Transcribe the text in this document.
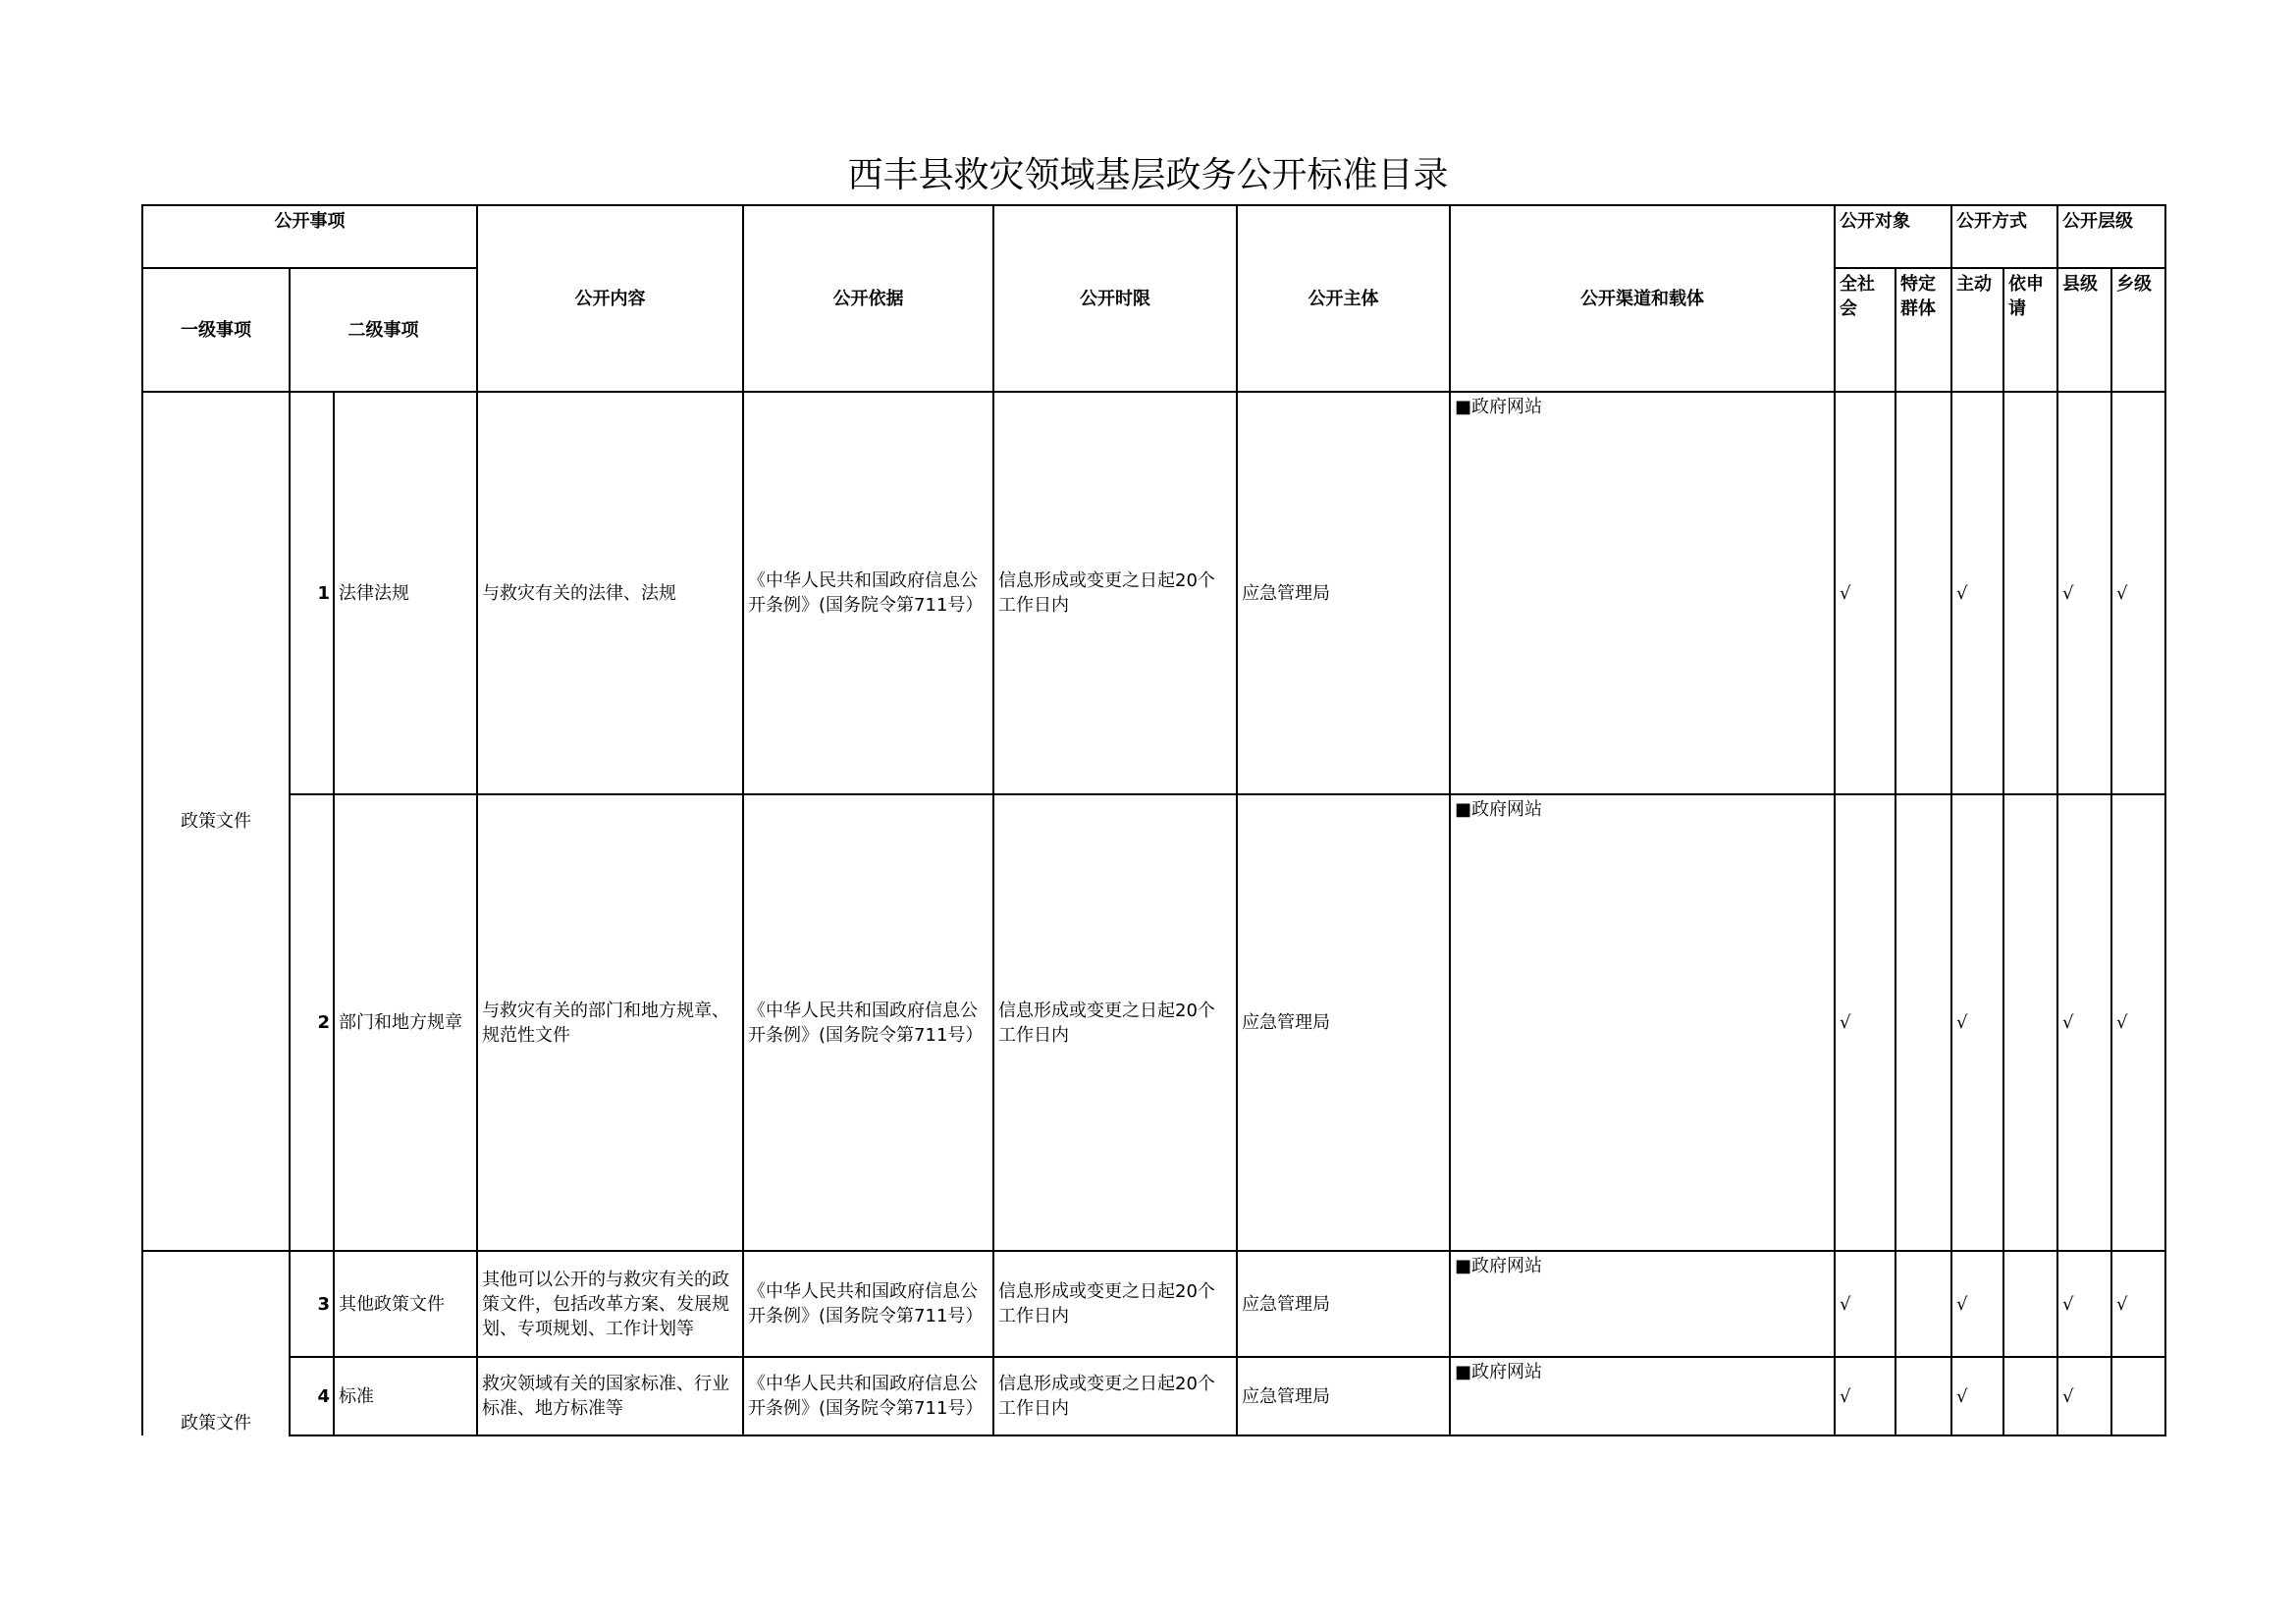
西丰县救灾领域基层政务公开标准目录
公开事项			公开内容	公开依据	公开时限	公开主体	公开渠道和载体	公开对象		公开方式		公开层级	
一级事项	二级事项							全社会	特定群体	主动	依申请	县级	乡级
政策文件	1	法律法规	与救灾有关的法律、法规	《中华人民共和国政府信息公开条例》(国务院令第711号）	信息形成或变更之日起20个工作日内	应急管理局	■政府网站	√		√		√	√
	2	部门和地方规章	与救灾有关的部门和地方规章、规范性文件	《中华人民共和国政府信息公开条例》(国务院令第711号）	信息形成或变更之日起20个工作日内	应急管理局	■政府网站	√		√		√	√
政策文件	3	其他政策文件	其他可以公开的与救灾有关的政策文件，包括改革方案、发展规划、专项规划、工作计划等	《中华人民共和国政府信息公开条例》(国务院令第711号）	信息形成或变更之日起20个工作日内	应急管理局	■政府网站	√		√		√	√
	4	标准	救灾领域有关的国家标准、行业标准、地方标准等	《中华人民共和国政府信息公开条例》(国务院令第711号）	信息形成或变更之日起20个工作日内	应急管理局	■政府网站	√		√		√	
